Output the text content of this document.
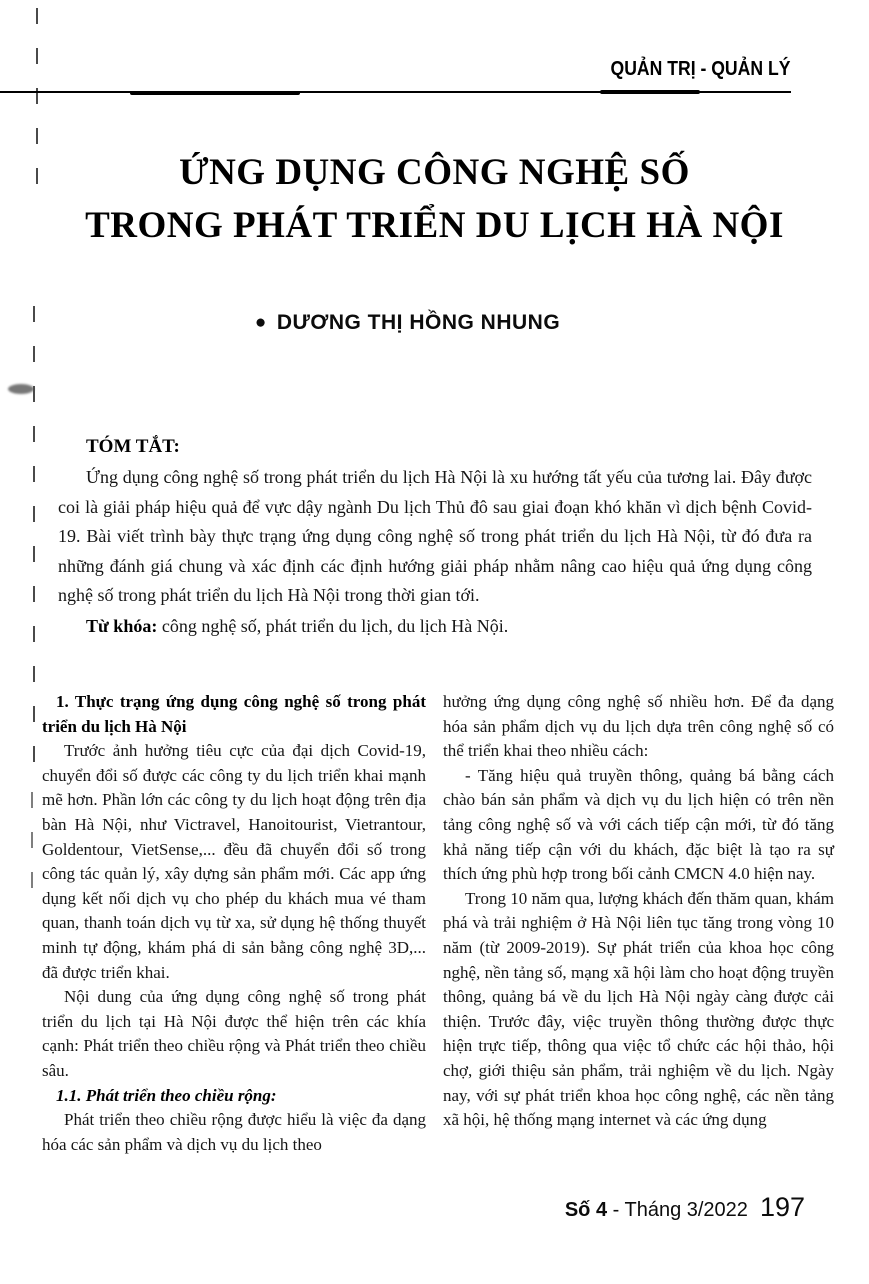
QUẢN TRỊ - QUẢN LÝ
ỨNG DỤNG CÔNG NGHỆ SỐ
TRONG PHÁT TRIỂN DU LỊCH HÀ NỘI
● DƯƠNG THỊ HỒNG NHUNG
TÓM TẮT:
Ứng dụng công nghệ số trong phát triển du lịch Hà Nội là xu hướng tất yếu của tương lai. Đây được coi là giải pháp hiệu quả để vực dậy ngành Du lịch Thủ đô sau giai đoạn khó khăn vì dịch bệnh Covid-19. Bài viết trình bày thực trạng ứng dụng công nghệ số trong phát triển du lịch Hà Nội, từ đó đưa ra những đánh giá chung và xác định các định hướng giải pháp nhằm nâng cao hiệu quả ứng dụng công nghệ số trong phát triển du lịch Hà Nội trong thời gian tới.
Từ khóa: công nghệ số, phát triển du lịch, du lịch Hà Nội.

1. Thực trạng ứng dụng công nghệ số trong phát triển du lịch Hà Nội

Trước ảnh hưởng tiêu cực của đại dịch Covid-19, chuyển đổi số được các công ty du lịch triển khai mạnh mẽ hơn. Phần lớn các công ty du lịch hoạt động trên địa bàn Hà Nội, như Victravel, Hanoitourist, Vietrantour, Goldentour, VietSense,... đều đã chuyển đổi số trong công tác quản lý, xây dựng sản phẩm mới. Các app ứng dụng kết nối dịch vụ cho phép du khách mua vé tham quan, thanh toán dịch vụ từ xa, sử dụng hệ thống thuyết minh tự động, khám phá di sản bằng công nghệ 3D,... đã được triển khai.

Nội dung của ứng dụng công nghệ số trong phát triển du lịch tại Hà Nội được thể hiện trên các khía cạnh: Phát triển theo chiều rộng và Phát triển theo chiều sâu.

1.1. Phát triển theo chiều rộng:

Phát triển theo chiều rộng được hiểu là việc đa dạng hóa các sản phẩm và dịch vụ du lịch theo

hưởng ứng dụng công nghệ số nhiều hơn. Để đa dạng hóa sản phẩm dịch vụ du lịch dựa trên công nghệ số có thể triển khai theo nhiều cách:

- Tăng hiệu quả truyền thông, quảng bá bằng cách chào bán sản phẩm và dịch vụ du lịch hiện có trên nền tảng công nghệ số và với cách tiếp cận mới, từ đó tăng khả năng tiếp cận với du khách, đặc biệt là tạo ra sự thích ứng phù hợp trong bối cảnh CMCN 4.0 hiện nay.

Trong 10 năm qua, lượng khách đến thăm quan, khám phá và trải nghiệm ở Hà Nội liên tục tăng trong vòng 10 năm (từ 2009-2019). Sự phát triển của khoa học công nghệ, nền tảng số, mạng xã hội làm cho hoạt động truyền thông, quảng bá về du lịch Hà Nội ngày càng được cải thiện. Trước đây, việc truyền thông thường được thực hiện trực tiếp, thông qua việc tổ chức các hội thảo, hội chợ, giới thiệu sản phẩm, trải nghiệm về du lịch. Ngày nay, với sự phát triển khoa học công nghệ, các nền tảng xã hội, hệ thống mạng internet và các ứng dụng

Số 4 - Tháng 3/2022 197
